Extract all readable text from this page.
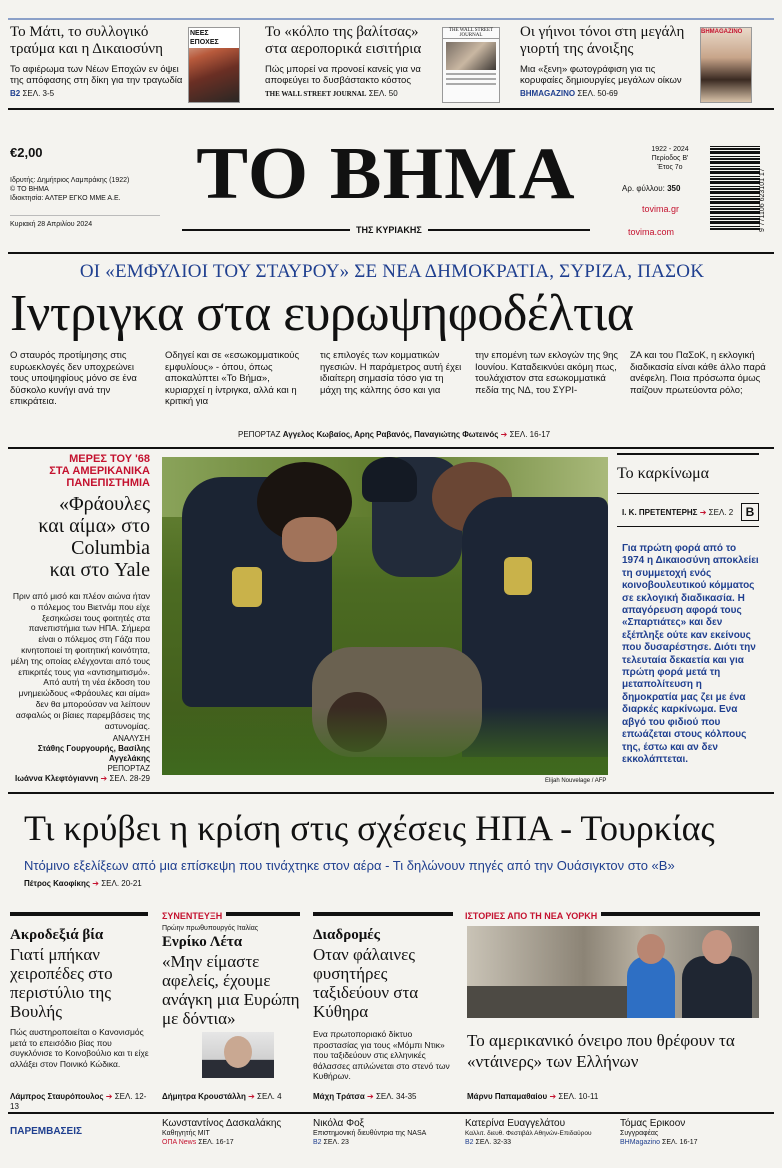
Το Μάτι, το συλλογικό τραύμα και η Δικαιοσύνη
Το αφιέρωμα των Νέων Εποχών εν όψει της απόφασης στη δίκη για την τραγωδία
B2 ΣΕΛ. 3-5
ΝΕΕΣ ΕΠΟΧΕΣ
Το «κόλπο της βαλίτσας» στα αεροπορικά εισιτήρια
Πώς μπορεί να προνοεί κανείς για να αποφεύγει το δυσβάστακτο κόστος
THE WALL STREET JOURNAL ΣΕΛ. 50
THE WALL STREET JOURNAL	Οι γήινοι τόνοι στη μεγάλη γιορτή της άνοιξης
Μια «ξενη» φωτογράφιση για τις κορυφαίες δημιουργίες μεγάλων οίκων
BHMAGAZINO ΣΕΛ. 50-69
BHMAGAZINO
€2,00
Ιδρυτής: Δημήτριος Λαμπράκης (1922)
© ΤΟ ΒΗΜΑ
Ιδιοκτησία: ΑΛΤΕΡ ΕΓΚΟ ΜΜΕ Α.Ε.
Κυριακή 28 Απριλίου 2024
ΤΟ ΒΗΜΑ
ΤΗΣ ΚΥΡΙΑΚΗΣ
1922 - 2024
Περίοδος Β'
Έτος 7ο
Αρ. φύλλου: 350
tovima.gr
tovima.com	9 771106 623101 17
ΟΙ «ΕΜΦΥΛΙΟΙ ΤΟΥ ΣΤΑΥΡΟΥ» ΣΕ ΝΕΑ ΔΗΜΟΚΡΑΤΙΑ, ΣΥΡΙΖΑ, ΠΑΣΟΚ
Ιντριγκα στα ευρωψηφοδέλτια

Ο σταυρός προτίμησης στις ευρωεκλογές δεν υποχρεώνει τους υποψηφίους μόνο σε ένα δύσκολο κυνήγι ανά την επικράτεια.

Οδηγεί και σε «εσωκομματικούς εμφυλίους» - όπου, όπως αποκαλύπτει «Το Βήμα», κυριαρχεί η ίντριγκα, αλλά και η κριτική για

τις επιλογές των κομματικών ηγεσιών. Η παράμετρος αυτή έχει ιδιαίτερη σημασία τόσο για τη μάχη της κάλπης όσο και για

την επομένη των εκλογών της 9ης Ιουνίου. Καταδεικνύει ακόμη πως, τουλάχιστον στα εσωκομματικά πεδία της ΝΔ, του ΣΥΡΙ-

ΖΑ και του ΠαΣοΚ, η εκλογική διαδικασία είναι κάθε άλλο παρά ανέφελη. Ποια πρόσωπα όμως παίζουν πρωτεύοντα ρόλο;

ΡΕΠΟΡΤΑΖ Αγγελος Κωβαίος, Αρης Ραβανός, Παναγιώτης Φωτεινός ➔ ΣΕΛ. 16-17
ΜΕΡΕΣ ΤΟΥ '68
ΣΤΑ ΑΜΕΡΙΚΑΝΙΚΑ
ΠΑΝΕΠΙΣΤΗΜΙΑ
«Φράουλες
και αίμα» στο
Columbia
και στο Yale

Πριν από μισό και πλέον αιώνα ήταν ο πόλεμος του Βιετνάμ που είχε ξεσηκώσει τους φοιτητές στα πανεπιστήμια των ΗΠΑ. Σήμερα είναι ο πόλεμος στη Γάζα που κινητοποιεί τη φοιτητική κοινότητα, μέλη της οποίας ελέγχονται από τους επικριτές τους για «αντισημιτισμό». Από αυτή τη νέα έκδοση του μνημειώδους «Φράουλες και αίμα» δεν θα μπορούσαν να λείπουν ασφαλώς οι βίαιες παρεμβάσεις της αστυνομίας.

ΑΝΑΛΥΣΗ
Στάθης Γουργουρής, Βασίλης Αγγελάκης
ΡΕΠΟΡΤΑΖ
Ιωάννα Κλεφτόγιαννη ➔ ΣΕΛ. 28-29	Elijah Nouvelage / AFP
Το καρκίνωμα
Ι. Κ. ΠΡΕΤΕΝΤΕΡΗΣ ➔ ΣΕΛ. 2	B

Για πρώτη φορά από το 1974 η Δικαιοσύνη αποκλείει τη συμμετοχή ενός κοινοβουλευτικού κόμματος σε εκλογική διαδικασία. Η απαγόρευση αφορά τους «Σπαρτιάτες» και δεν εξέπληξε ούτε καν εκείνους που δυσαρέστησε. Διότι την τελευταία δεκαετία και για πρώτη φορά μετά τη μεταπολίτευση η δημοκρατία μας ζει με ένα διαρκές καρκίνωμα. Ενα αβγό του φιδιού που επωάζεται στους κόλπους της, έστω και αν δεν εκκολάπτεται.

Τι κρύβει η κρίση στις σχέσεις ΗΠΑ - Τουρκίας
Ντόμινο εξελίξεων από μια επίσκεψη που τινάχτηκε στον αέρα - Τι δηλώνουν πηγές από την Ουάσιγκτον στο «Β»
Πέτρος Καοφίκης ➔ ΣΕΛ. 20-21
Ακροδεξιά βία
Γιατί μπήκαν χειροπέδες στο περιστύλιο της Βουλής

Πώς αυστηροποιείται ο Κανονισμός μετά το επεισόδιο βίας που συγκλόνισε το Κοινοβούλιο και τι είχε αλλάξει στον Ποινικό Κώδικα.

Λάμπρος Σταυρόπουλος ➔ ΣΕΛ. 12-13
ΣΥΝΕΝΤΕΥΞΗ
Πρώην πρωθυπουργός Ιταλίας
Ενρίκο Λέτα
«Μην είμαστε αφελείς, έχουμε ανάγκη μια Ευρώπη με δόντια»
Δήμητρα Κρουστάλλη ➔ ΣΕΛ. 4
Διαδρομές
Οταν φάλαινες φυσητήρες ταξιδεύουν στα Κύθηρα

Ενα πρωτοποριακό δίκτυο προστασίας για τους «Μόμπι Ντικ» που ταξιδεύουν στις ελληνικές θάλασσες απιλώνεται στο στενό των Κυθήρων.

Μάχη Τράτσα ➔ ΣΕΛ. 34-35
ΙΣΤΟΡΙΕΣ ΑΠΟ ΤΗ ΝΕΑ ΥΟΡΚΗ
Το αμερικανικό όνειρο που θρέφουν τα «ντάινερς» των Ελλήνων
Μάρνυ Παπαμαθαίου ➔ ΣΕΛ. 10-11
ΠΑΡΕΜΒΑΣΕΙΣ
Κωνσταντίνος Δασκαλάκης
Καθηγητής MIT
ΟΠΑ News ΣΕΛ. 16-17
Νικόλα Φοξ
Επιστημονική διευθύντρια της NASA
B2 ΣΕΛ. 23
Κατερίνα Ευαγγελάτου
Καλλιτ. διευθ. Φεστιβάλ Αθηνών-Επιδαύρου
B2 ΣΕΛ. 32-33
Τόμας Ερικοον
Συγγραφέας
BHMagazino ΣΕΛ. 16-17
